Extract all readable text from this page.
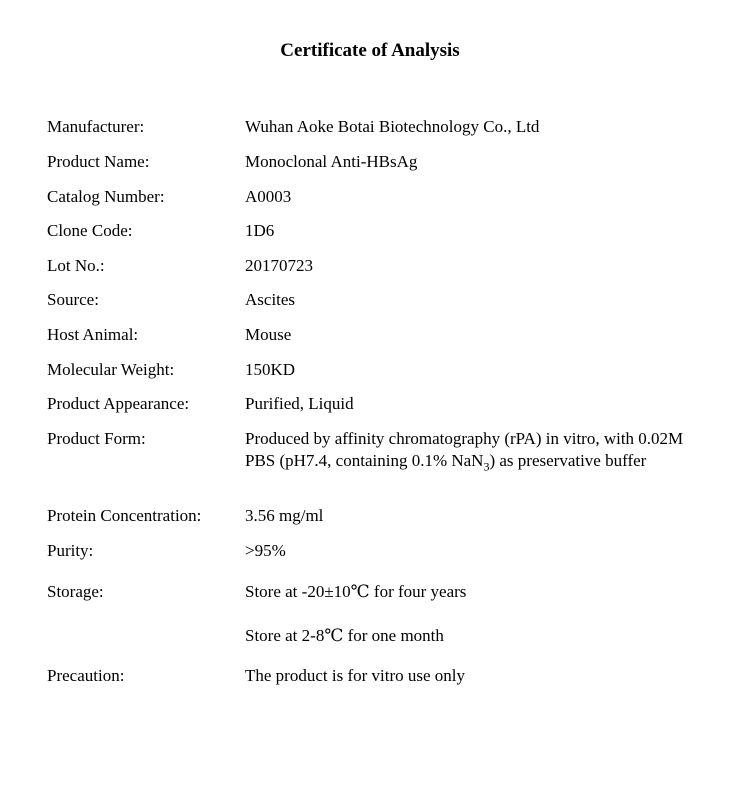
Certificate of Analysis
Manufacturer:	Wuhan Aoke Botai Biotechnology Co., Ltd
Product Name:	Monoclonal Anti-HBsAg
Catalog Number:	A0003
Clone Code:	1D6
Lot No.:	20170723
Source:	Ascites
Host Animal:	Mouse
Molecular Weight:	150KD
Product Appearance:	Purified, Liquid
Product Form:	Produced by affinity chromatography (rPA) in vitro, with 0.02M PBS (pH7.4, containing 0.1% NaN$_3$) as preservative buffer
Protein Concentration:	3.56 mg/ml
Purity:	>95%
Storage:	Store at -20±10℃ for four years
Store at 2-8℃ for one month
Precaution:	The product is for vitro use only
